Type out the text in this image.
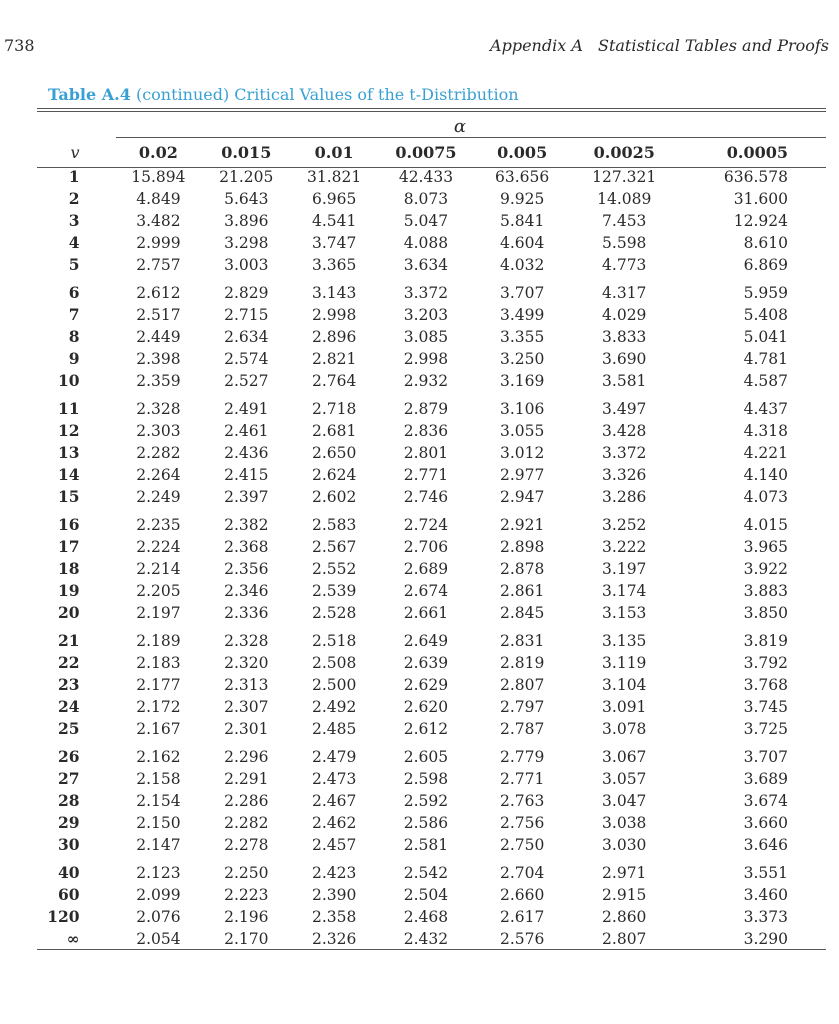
738	Appendix A Statistical Tables and Proofs
Table A.4 (continued) Critical Values of the t-Distribution
α
v	0.02	0.015	0.01	0.0075	0.005	0.0025	0.0005
1	15.894	21.205	31.821	42.433	63.656	127.321	636.578
2	4.849	5.643	6.965	8.073	9.925	14.089	31.600
3	3.482	3.896	4.541	5.047	5.841	7.453	12.924
4	2.999	3.298	3.747	4.088	4.604	5.598	8.610
5	2.757	3.003	3.365	3.634	4.032	4.773	6.869
6	2.612	2.829	3.143	3.372	3.707	4.317	5.959
7	2.517	2.715	2.998	3.203	3.499	4.029	5.408
8	2.449	2.634	2.896	3.085	3.355	3.833	5.041
9	2.398	2.574	2.821	2.998	3.250	3.690	4.781
10	2.359	2.527	2.764	2.932	3.169	3.581	4.587
11	2.328	2.491	2.718	2.879	3.106	3.497	4.437
12	2.303	2.461	2.681	2.836	3.055	3.428	4.318
13	2.282	2.436	2.650	2.801	3.012	3.372	4.221
14	2.264	2.415	2.624	2.771	2.977	3.326	4.140
15	2.249	2.397	2.602	2.746	2.947	3.286	4.073
16	2.235	2.382	2.583	2.724	2.921	3.252	4.015
17	2.224	2.368	2.567	2.706	2.898	3.222	3.965
18	2.214	2.356	2.552	2.689	2.878	3.197	3.922
19	2.205	2.346	2.539	2.674	2.861	3.174	3.883
20	2.197	2.336	2.528	2.661	2.845	3.153	3.850
21	2.189	2.328	2.518	2.649	2.831	3.135	3.819
22	2.183	2.320	2.508	2.639	2.819	3.119	3.792
23	2.177	2.313	2.500	2.629	2.807	3.104	3.768
24	2.172	2.307	2.492	2.620	2.797	3.091	3.745
25	2.167	2.301	2.485	2.612	2.787	3.078	3.725
26	2.162	2.296	2.479	2.605	2.779	3.067	3.707
27	2.158	2.291	2.473	2.598	2.771	3.057	3.689
28	2.154	2.286	2.467	2.592	2.763	3.047	3.674
29	2.150	2.282	2.462	2.586	2.756	3.038	3.660
30	2.147	2.278	2.457	2.581	2.750	3.030	3.646
40	2.123	2.250	2.423	2.542	2.704	2.971	3.551
60	2.099	2.223	2.390	2.504	2.660	2.915	3.460
120	2.076	2.196	2.358	2.468	2.617	2.860	3.373
∞	2.054	2.170	2.326	2.432	2.576	2.807	3.290
